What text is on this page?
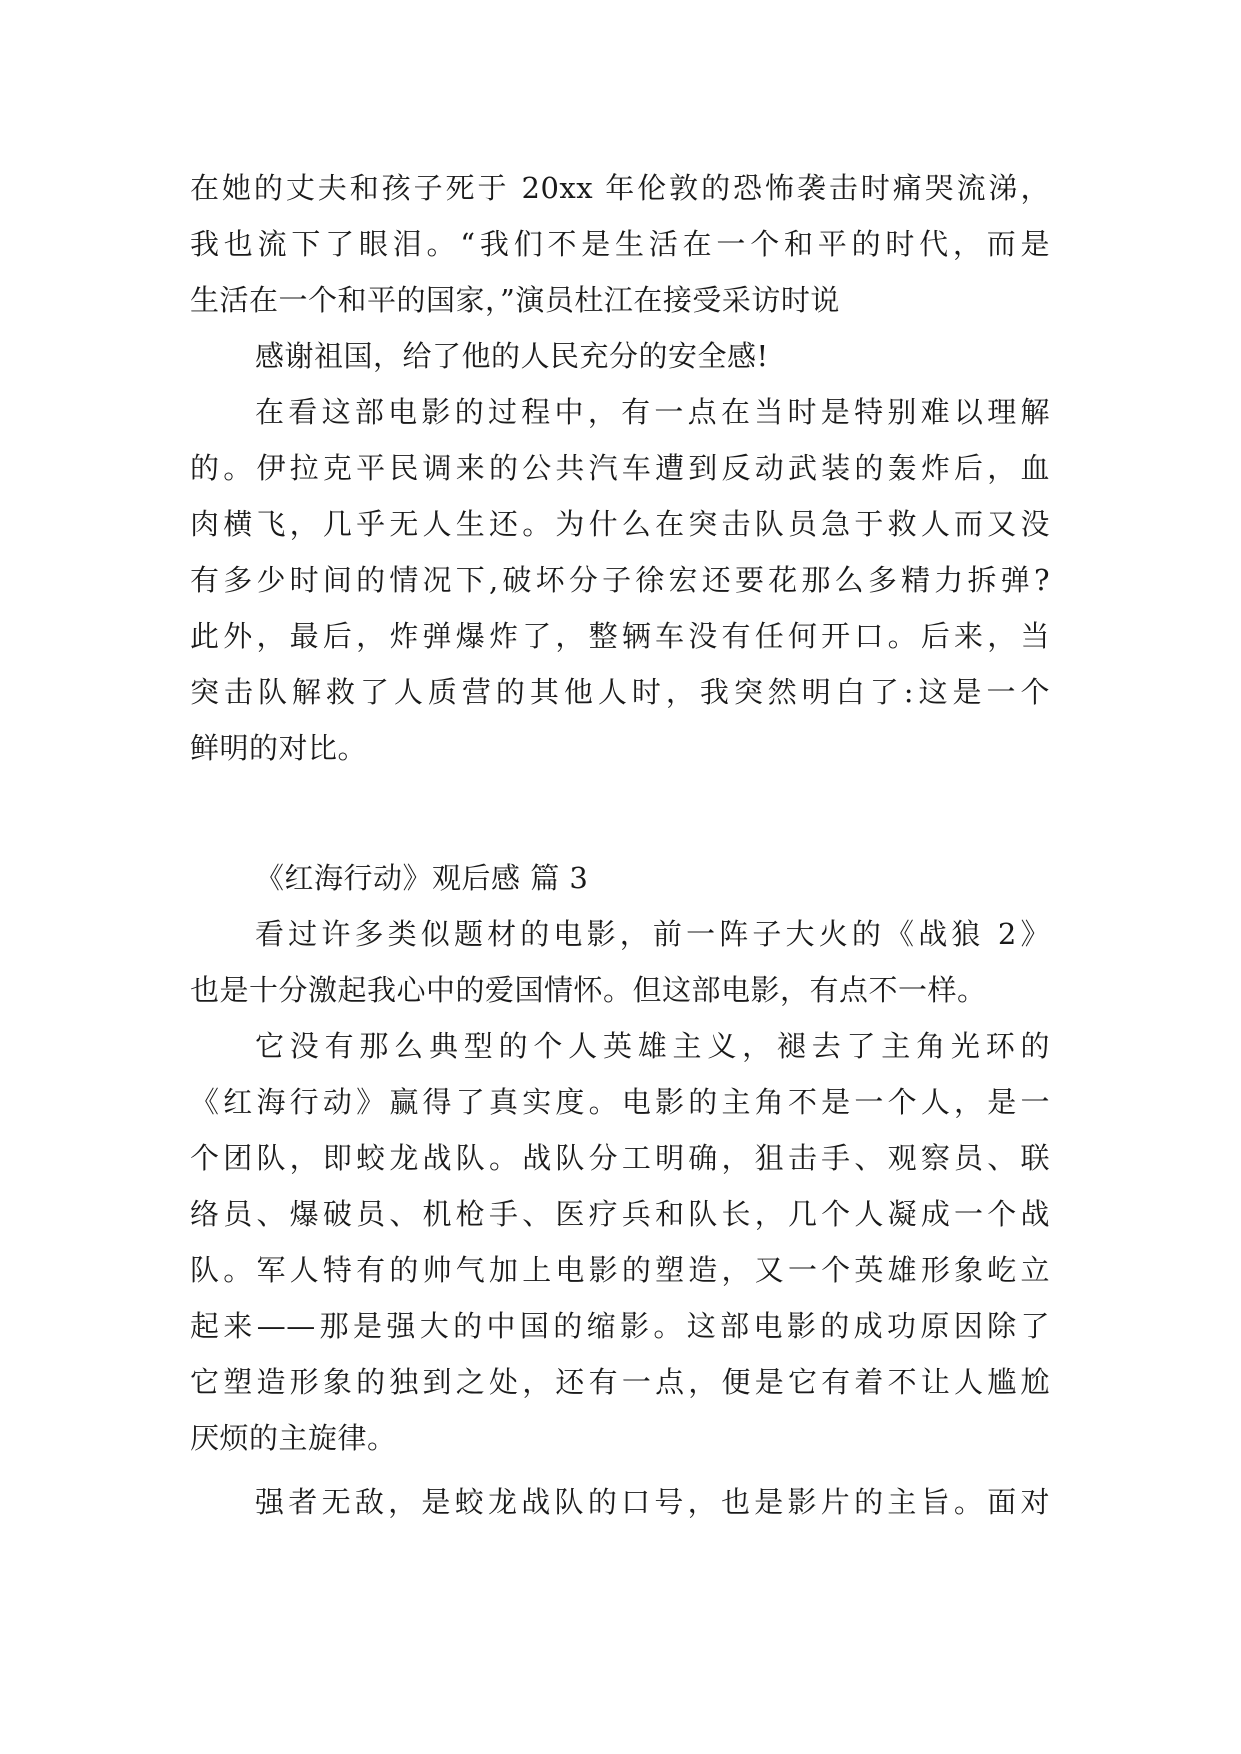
在她的丈夫和孩子死于 20xx 年伦敦的恐怖袭击时痛哭流涕，
我也流下了眼泪。“我们不是生活在一个和平的时代，而是
生活在一个和平的国家，”演员杜江在接受采访时说
感谢祖国，给了他的人民充分的安全感!
在看这部电影的过程中，有一点在当时是特别难以理解
的。伊拉克平民调来的公共汽车遭到反动武装的轰炸后，血
肉横飞，几乎无人生还。为什么在突击队员急于救人而又没
有多少时间的情况下,破坏分子徐宏还要花那么多精力拆弹?
此外，最后，炸弹爆炸了，整辆车没有任何开口。后来，当
突击队解救了人质营的其他人时，我突然明白了:这是一个
鲜明的对比。
《红海行动》观后感 篇 3
看过许多类似题材的电影，前一阵子大火的《战狼 2》
也是十分激起我心中的爱国情怀。但这部电影，有点不一样。
它没有那么典型的个人英雄主义，褪去了主角光环的
《红海行动》赢得了真实度。电影的主角不是一个人，是一
个团队，即蛟龙战队。战队分工明确，狙击手、观察员、联
络员、爆破员、机枪手、医疗兵和队长，几个人凝成一个战
队。军人特有的帅气加上电影的塑造，又一个英雄形象屹立
起来——那是强大的中国的缩影。这部电影的成功原因除了
它塑造形象的独到之处，还有一点，便是它有着不让人尴尬
厌烦的主旋律。
强者无敌，是蛟龙战队的口号，也是影片的主旨。面对
